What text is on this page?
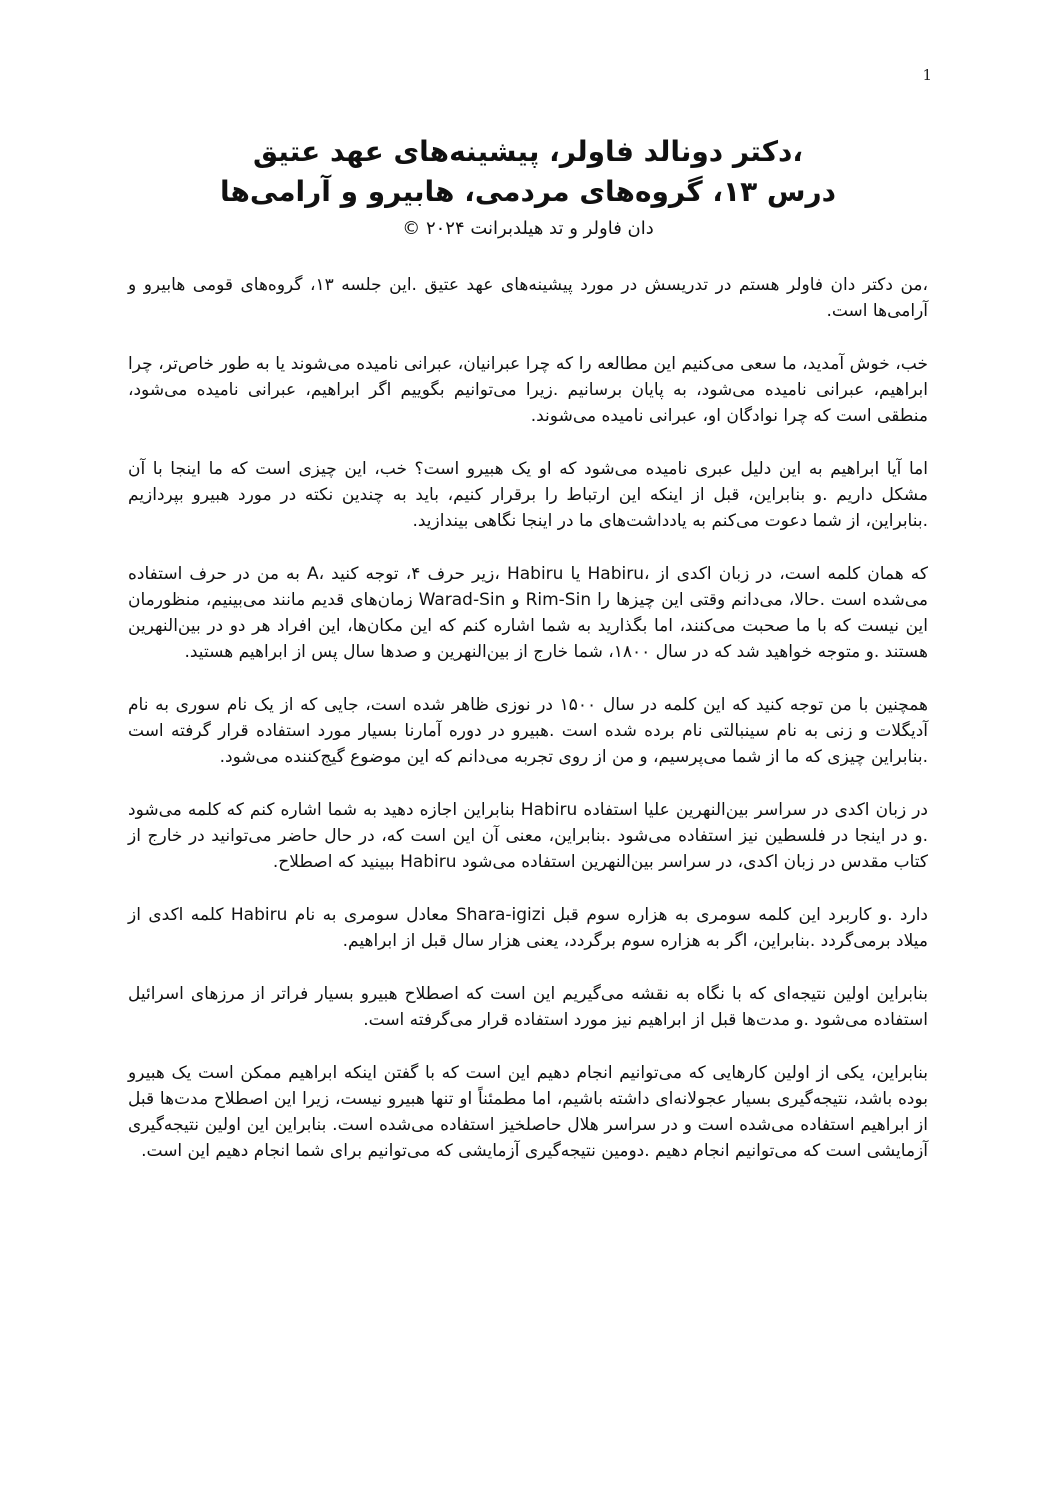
1

،دکتر دونالد فاولر، پیشینه‌های عهد عتیق

درس ۱۳، گروه‌های مردمی، هابیرو و آرامی‌ها

دان فاولر و تد هیلدبرانت ۲۰۲۴ ©

،من دکتر دان فاولر هستم در تدریسش در مورد پیشینه‌های عهد عتیق .این جلسه ۱۳، گروه‌های قومی هابیرو و آرامی‌ها است.

خب، خوش آمدید، ما سعی می‌کنیم این مطالعه را که چرا عبرانیان، عبرانی نامیده می‌شوند یا به طور خاص‌تر، چرا ابراهیم، عبرانی نامیده می‌شود، به پایان برسانیم .زیرا می‌توانیم بگوییم اگر ابراهیم، عبرانی نامیده می‌شود، منطقی است که چرا نوادگان او، عبرانی نامیده می‌شوند.

اما آیا ابراهیم به این دلیل عبری نامیده می‌شود که او یک هبیرو است؟ خب، این چیزی است که ما اینجا با آن مشکل داریم .و بنابراین، قبل از اینکه این ارتباط را برقرار کنیم، باید به چندین نکته در مورد هبیرو بپردازیم .بنابراین، از شما دعوت می‌کنم به یادداشت‌های ما در اینجا نگاهی بیندازید.

که همان کلمه است، در زبان اکدی از ،Habiru یا Habiru ،زیر حرف ۴، توجه کنید ،A به من در حرف استفاده می‌شده است .حالا، می‌دانم وقتی این چیزها را Rim-Sin و Warad-Sin زمان‌های قدیم مانند می‌بینیم، منظورمان این نیست که با ما صحبت می‌کنند، اما بگذارید به شما اشاره کنم که این مکان‌ها، این افراد هر دو در بین‌النهرین هستند .و متوجه خواهید شد که در سال ۱۸۰۰، شما خارج از بین‌النهرین و صدها سال پس از ابراهیم هستید.

همچنین با من توجه کنید که این کلمه در سال ۱۵۰۰ در نوزی ظاهر شده است، جایی که از یک نام سوری به نام آدیگلات و زنی به نام سینبالتی نام برده شده است .هبیرو در دوره آمارنا بسیار مورد استفاده قرار گرفته است .بنابراین چیزی که ما از شما می‌پرسیم، و من از روی تجربه می‌دانم که این موضوع گیج‌کننده می‌شود.

در زبان اکدی در سراسر بین‌النهرین علیا استفاده Habiru بنابراین اجازه دهید به شما اشاره کنم که کلمه می‌شود .و در اینجا در فلسطین نیز استفاده می‌شود .بنابراین، معنی آن این است که، در حال حاضر می‌توانید در خارج از کتاب مقدس در زبان اکدی، در سراسر بین‌النهرین استفاده می‌شود Habiru ببینید که اصطلاح.

دارد .و کاربرد این کلمه سومری به هزاره سوم قبل Shara-igizi معادل سومری به نام Habiru کلمه اکدی از میلاد برمی‌گردد .بنابراین، اگر به هزاره سوم برگردد، یعنی هزار سال قبل از ابراهیم.

بنابراین اولین نتیجه‌ای که با نگاه به نقشه می‌گیریم این است که اصطلاح هبیرو بسیار فراتر از مرزهای اسرائیل استفاده می‌شود .و مدت‌ها قبل از ابراهیم نیز مورد استفاده قرار می‌گرفته است.

بنابراین، یکی از اولین کارهایی که می‌توانیم انجام دهیم این است که با گفتن اینکه ابراهیم ممکن است یک هبیرو بوده باشد، نتیجه‌گیری بسیار عجولانه‌ای داشته باشیم، اما مطمئناً او تنها هبیرو نیست، زیرا این اصطلاح مدت‌ها قبل از ابراهیم استفاده می‌شده است و در سراسر هلال حاصلخیز استفاده می‌شده است. بنابراین این اولین نتیجه‌گیری آزمایشی است که می‌توانیم انجام دهیم .دومین نتیجه‌گیری آزمایشی که می‌توانیم برای شما انجام دهیم این است.
